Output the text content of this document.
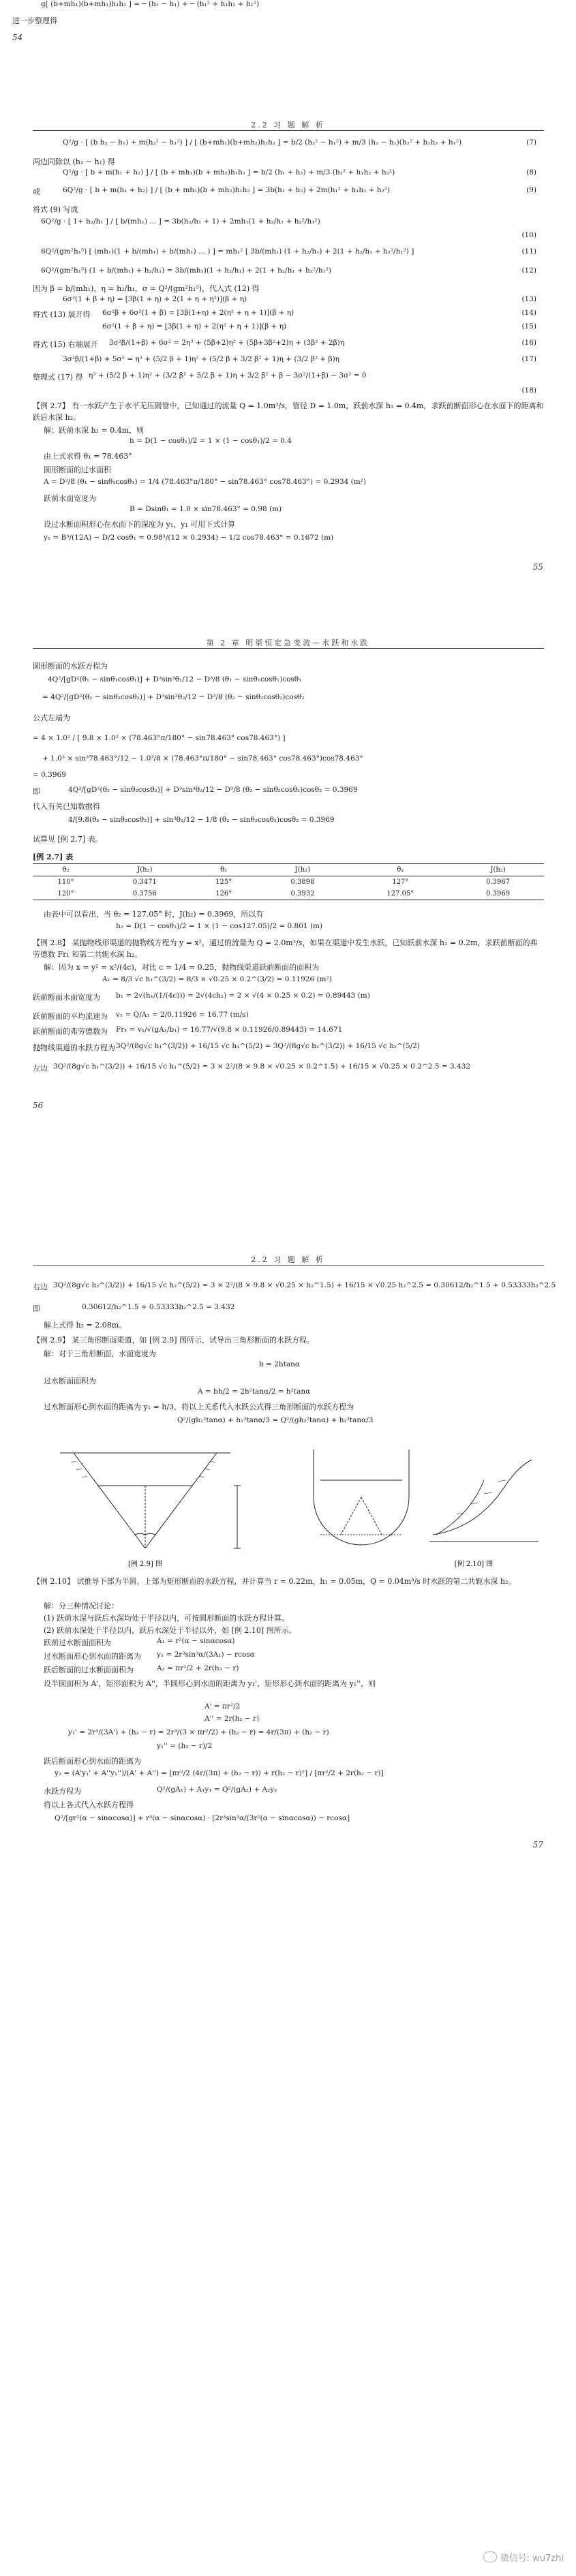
g[ (b+mh₁)(b+mh₁)h₁h₁ ] = ─ (h₁ − h₁) + ─ (h₁² + h₁h₁ + h₁²)
进一步整理得
54
2.2 习 题 解 析
Q²/g · [ (b h₂ − h₁) + m(h₂² − h₁²) ] / [ (b+mh₁)(b+mh₂)h₁h₂ ] = b/2 (h₂² − h₁²) + m/3 (h₂ − h₁)(h₂² + h₁h₂ + h₁²)	(7)
两边同除以 (h₂ − h₁) 得
Q²/g · [ b + m(h₁ + h₂) ] / [ (b + mh₁)(b + mh₂)h₁h₂ ] = b/2 (h₁ + h₂) + m/3 (h₁² + h₁h₂ + h₂²)	(8)
或	6Q²/g · [ b + m(h₁ + h₂) ] / [ (b + mh₁)(b + mh₂)h₁h₂ ] = 3b(h₁ + h₂) + 2m(h₁² + h₁h₂ + h₂²)	(9)
将式 (9) 写成
6Q²/g · [ 1+ h₂/h₁ ] / [ b/(mh₁) ... ] = 3b(h₂/h₁ + 1) + 2mh₁(1 + h₂/h₁ + h₂²/h₁²)
(10)
6Q²/(gm²h₁⁵) [ (mh₁)(1 + b/(mh₁) + b/(mh₁) ... ) ] = mh₁² [ 3b/(mh₁) (1 + h₂/h₁) + 2(1 + h₂/h₁ + h₂²/h₁²) ]	(11)
6Q²/(gm²h₁⁵) (1 + b/(mh₁) + h₂/h₁) = 3b/(mh₁)(1 + h₂/h₁) + 2(1 + h₂/h₁ + h₂²/h₁²)	(12)
因为 β = b/(mh₁)，η = h₂/h₁，σ = Q²/(gm²h₁⁵)，代入式 (12) 得
6σ²(1 + β + η) = [3β(1 + η) + 2(1 + η + η²)](β + η)	(13)
将式 (13) 展开得 6σ²β + 6σ²(1 + β) = [3β(1+η) + 2(η² + η + 1)](β + η)	(14)
6σ²(1 + β + η) = [3β(1 + η) + 2(η² + η + 1)](β + η)	(15)
将式 (15) 右端展开 3σ²β/(1+β) + 6σ² = 2η³ + (5β+2)η² + (5β+3β²+2)η + (3β² + 2β)η	(16)
3σ²β/(1+β) + 5σ² = η³ + (5/2 β + 1)η² + (5/2 β + 3/2 β² + 1)η + (3/2 β² + β)η	(17)
整理式 (17) 得 η³ + (5/2 β + 1)η² + (3/2 β² + 5/2 β + 1)η + 3/2 β² + β − 3σ²/(1+β) − 3σ² = 0
(18)
【例 2.7】 有一水跃产生于水平无压圆管中，已知通过的流量 Q = 1.0m³/s，管径 D = 1.0m，跃前水深 h₁ = 0.4m，求跃前断面形心在水面下的距离和跃后水深 h₂。
解：跃前水深 h₁ = 0.4m，则
h = D(1 − cosθ₁)/2 = 1 × (1 − cosθ₁)/2 = 0.4
由上式求得 θ₁ = 78.463°
圆形断面的过水面积
A = D²/8 (θ₁ − sinθ₁cosθ₁) = 1/4 (78.463°π/180° − sin78.463° cos78.463°) = 0.2934 (m²)
跃前水面宽度为
B = Dsinθ₁ = 1.0 × sin78.463° = 0.98 (m)
设过水断面积形心在水面下的深度为 y₁，y₁ 可用下式计算
y₁ = B³/(12A) − D/2 cosθ₁ = 0.98³/(12 × 0.2934) − 1/2 cos78.463° = 0.1672 (m)
55
第 2 章 明渠恒定急变流—水跃和水跌
圆形断面的水跃方程为
4Q²/[gD²(θ₁ − sinθ₁cosθ₁)] + D³sin³θ₁/12 − D³/8 (θ₁ − sinθ₁cosθ₁)cosθ₁
= 4Q²/[gD²(θ₂ − sinθ₂cosθ₂)] + D³sin³θ₂/12 − D³/8 (θ₂ − sinθ₂cosθ₂)cosθ₂
公式左端为
= 4 × 1.0² / [ 9.8 × 1.0² × (78.463°π/180° − sin78.463° cos78.463°) ]
+ 1.0³ × sin³78.463°/12 − 1.0³/8 × (78.463°π/180° − sin78.463° cos78.463°)cos78.463°
= 0.3969
即	4Q²/[gD²(θ₂ − sinθ₂cosθ₂)] + D³sin³θ₂/12 − D³/8 (θ₂ − sinθ₂cosθ₂)cosθ₂ = 0.3969
代入有关已知数据得
4/[9.8(θ₂ − sinθ₂cosθ₂)] + sin³θ₂/12 − 1/8 (θ₂ − sinθ₂cosθ₂)cosθ₂ = 0.3969
试算见 [例 2.7] 表。
[例 2.7] 表
θ₂	J(h₂)	θ₂	J(h₂)	θ₂	J(h₂)
110°	0.3471	125°	0.3898	127°	0.3967
120°	0.3756	126°	0.3932	127.05°	0.3969
由表中可以看出，当 θ₂ = 127.05° 时，J(h₂) = 0.3969，所以有
h₂ = D(1 − cosθ₂)/2 = 1 × (1 − cos127.05)/2 = 0.801 (m)
【例 2.8】 某抛物线形渠道的抛物线方程为 y = x²，通过的流量为 Q = 2.0m³/s，如果在渠道中发生水跃，已知跃前水深 h₁ = 0.2m，求跃前断面的弗劳德数 Fr₁ 和第二共轭水深 h₂。
解：因为 x = y² = x²/(4c)，对比 c = 1/4 = 0.25，抛物线渠道跃前断面的面积为
A₁ = 8/3 √c h₁^(3/2) = 8/3 × √0.25 × 0.2^(3/2) = 0.11926 (m²)
跃前断面水面宽度为 b₁ = 2√(h₁/(1/(4c))) = 2√(4ch₁) = 2 × √(4 × 0.25 × 0.2) = 0.89443 (m)
跃前断面的平均流速为 v₁ = Q/A₁ = 2/0.11926 = 16.77 (m/s)
跃前断面的弗劳德数为 Fr₁ = v₁/√(gA₁/b₁) = 16.77/√(9.8 × 0.11926/0.89443) = 14.671
抛物线渠道的水跃方程为 3Q²/(8g√c h₁^(3/2)) + 16/15 √c h₁^(5/2) = 3Q²/(8g√c h₂^(3/2)) + 16/15 √c h₂^(5/2)
左边 3Q²/(8g√c h₁^(3/2)) + 16/15 √c h₁^(5/2) = 3 × 2²/(8 × 9.8 × √0.25 × 0.2^1.5) + 16/15 × √0.25 × 0.2^2.5 = 3.432
56
2.2 习 题 解 析
右边 3Q²/(8g√c h₂^(3/2)) + 16/15 √c h₂^(5/2) = 3 × 2²/(8 × 9.8 × √0.25 × h₂^1.5) + 16/15 × √0.25 h₂^2.5 = 0.30612/h₂^1.5 + 0.53333h₂^2.5
即	0.30612/h₂^1.5 + 0.53333h₂^2.5 = 3.432
解上式得 h₂ = 2.08m。
【例 2.9】 某三角形断面渠道，如 [例 2.9] 图所示，试导出三角形断面的水跃方程。
解：对于三角形断面，水面宽度为
b = 2htanα
过水断面面积为
A = bh/2 = 2h²tanα/2 = h²tanα
过水断面形心到水面的距离为 y₁ = h/3，将以上关系代入水跃公式得三角形断面的水跃方程为
Q²/(gh₁²tanα) + h₁³tanα/3 = Q²/(gh₂²tanα) + h₂³tanα/3
[例 2.9] 图	[例 2.10] 图
【例 2.10】 试推导下部为半圆，上部为矩形断面的水跃方程，并计算当 r = 0.22m，h₁ = 0.05m，Q = 0.04m³/s 时水跃的第二共轭水深 h₂。
解：分三种情况讨论：
(1) 跃前水深与跃后水深均处于半径以内，可按圆形断面的水跃方程计算。
(2) 跃前水深处于半径以内，跃后水深处于半径以外，如 [例 2.10] 图所示。
跃前过水断面面积为	A₁ = r²(α − sinαcosα)
过水断面形心到水面的距离为 y₁ = 2r³sin³α/(3A₁) − rcosα
跃后断面的过水断面面积为	A₂ = πr²/2 + 2r(h₂ − r)
设半圆面积为 A'，矩形面积为 A''，半圆形心到水面的距离为 y₁'，矩形形心到水面的距离为 y₁''，则
A' = πr²/2
A'' = 2r(h₂ − r)
y₁' = 2r³/(3A') + (h₂ − r) = 2r³/(3 × πr²/2) + (h₂ − r) = 4r/(3π) + (h₂ − r)
y₁'' = (h₂ − r)/2
跃后断面形心到水面的距离为
y₂ = (A'y₁' + A''y₁'')/(A' + A'') = [πr²/2 (4r/(3π) + (h₂ − r)) + r(h₂ − r)²] / [πr²/2 + 2r(h₂ − r)]
水跃方程为	Q²/(gA₁) + A₁y₁ = Q²/(gA₂) + A₂y₂
将以上各式代入水跃方程得
Q²/[gr²(α − sinαcosα)] + r³(α − sinαcosα) · [2r³sin³α/(3r²(α − sinαcosα)) − rcosα]
57
微信号: wu7zhi
